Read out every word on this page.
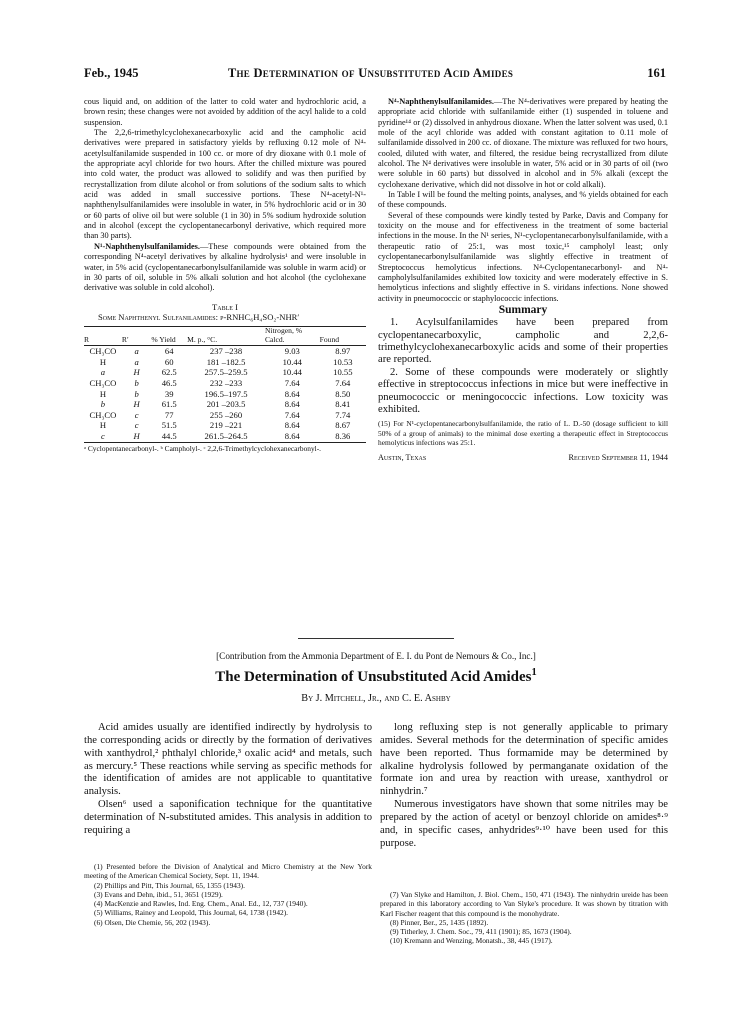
Feb., 1945	The Determination of Unsubstituted Acid Amides	161

cous liquid and, on addition of the latter to cold water and hydrochloric acid, a brown resin; these changes were not avoided by addition of the acyl halide to a cold suspension.

The 2,2,6-trimethylcyclohexanecarboxylic acid and the campholic acid derivatives were prepared in satisfactory yields by refluxing 0.12 mole of N⁴-acetylsulfanilamide suspended in 100 cc. or more of dry dioxane with 0.1 mole of the appropriate acyl chloride for two hours. After the chilled mixture was poured into cold water, the product was allowed to solidify and was then purified by recrystallization from dilute alcohol or from solutions of the sodium salts to which acid was added in small successive portions. These N⁴-acetyl-N¹-naphthenylsulfanilamides were insoluble in water, in 5% hydrochloric acid or in 30 or 60 parts of olive oil but were soluble (1 in 30) in 5% sodium hydroxide solution and in alcohol (except the cyclopentanecarbonyl derivative, which required more than 30 parts).

N¹-Naphthenylsulfanilamides.—These compounds were obtained from the corresponding N⁴-acetyl derivatives by alkaline hydrolysis¹ and were insoluble in water, in 5% acid (cyclopentanecarbonylsulfanilamide was soluble in warm acid) or in 30 parts of oil, soluble in 5% alkali solution and hot alcohol (the cyclohexane derivative was soluble in cold alcohol).

Table I
Some Naphthenyl Sulfanilamides: p-RNHC₆H₄SO₂-NHR′
R	R′	% Yield	M. p., °C.	Nitrogen, %
Calcd.	Found
CH₃CO	a	64	237 –238	9.03	8.97
H	a	60	181 –182.5	10.44	10.53
a	H	62.5	257.5–259.5	10.44	10.55
CH₃CO	b	46.5	232 –233	7.64	7.64
H	b	39	196.5–197.5	8.64	8.50
b	H	61.5	201 –203.5	8.64	8.41
CH₃CO	c	77	255 –260	7.64	7.74
H	c	51.5	219 –221	8.64	8.67
c	H	44.5	261.5–264.5	8.64	8.36
ᵃ Cyclopentanecarbonyl-. ᵇ Campholyl-. ᶜ 2,2,6-Trimethylcyclohexanecarbonyl-.

N⁴-Naphthenylsulfanilamides.—The N⁴-derivatives were prepared by heating the appropriate acid chloride with sulfanilamide either (1) suspended in toluene and pyridine¹⁴ or (2) dissolved in anhydrous dioxane. When the latter solvent was used, 0.1 mole of the acyl chloride was added with constant agitation to 0.11 mole of sulfanilamide dissolved in 200 cc. of dioxane. The mixture was refluxed for two hours, cooled, diluted with water, and filtered, the residue being recrystallized from dilute alcohol. The N⁴ derivatives were insoluble in water, 5% acid or in 30 parts of oil (two were soluble in 60 parts) but dissolved in alcohol and in 5% alkali (except the cyclohexane derivative, which did not dissolve in hot or cold alkali).

In Table I will be found the melting points, analyses, and % yields obtained for each of these compounds.

Several of these compounds were kindly tested by Parke, Davis and Company for toxicity on the mouse and for effectiveness in the treatment of some bacterial infections in the mouse. In the N¹ series, N¹-cyclopentanecarbonylsulfanilamide, with a therapeutic ratio of 25:1, was most toxic,¹⁵ campholyl least; only cyclopentanecarbonylsulfanilamide was slightly effective in treatment of Streptococcus hemolyticus infections. N⁴-Cyclopentanecarbonyl- and N⁴-campholylsulfanilamides exhibited low toxicity and were moderately effective in S. hemolyticus infections and slightly effective in S. viridans infections. None showed activity in pneumococcic or staphylococcic infections.

Summary

1. Acylsulfanilamides have been prepared from cyclopentanecarboxylic, campholic and 2,2,6-trimethylcyclohexanecarboxylic acids and some of their properties are reported.

2. Some of these compounds were moderately or slightly effective in streptococcus infections in mice but were ineffective in pneumococcic or meningococcic infections. Low toxicity was exhibited.

(15) For N¹-cyclopentanecarbonylsulfanilamide, the ratio of L. D.-50 (dosage sufficient to kill 50% of a group of animals) to the minimal dose exerting a therapeutic effect in Streptococcus hemolyticus infections was 25:1.
Austin, Texas	Received September 11, 1944
[Contribution from the Ammonia Department of E. I. du Pont de Nemours & Co., Inc.]
The Determination of Unsubstituted Acid Amides$^1$
By J. Mitchell, Jr., and C. E. Ashby

Acid amides usually are identified indirectly by hydrolysis to the corresponding acids or directly by the formation of derivatives with xanthydrol,² phthalyl chloride,³ oxalic acid⁴ and metals, such as mercury.⁵ These reactions while serving as specific methods for the identification of amides are not applicable to quantitative analysis.

Olsen⁶ used a saponification technique for the quantitative determination of N-substituted amides. This analysis in addition to requiring a

long refluxing step is not generally applicable to primary amides. Several methods for the determination of specific amides have been reported. Thus formamide may be determined by alkaline hydrolysis followed by permanganate oxidation of the formate ion and urea by reaction with urease, xanthydrol or ninhydrin.⁷

Numerous investigators have shown that some nitriles may be prepared by the action of acetyl or benzoyl chloride on amides⁸·⁹ and, in specific cases, anhydrides⁹·¹⁰ have been used for this purpose.

(1) Presented before the Division of Analytical and Micro Chemistry at the New York meeting of the American Chemical Society, Sept. 11, 1944.

(2) Phillips and Pitt, This Journal, 65, 1355 (1943).

(3) Evans and Dehn, ibid., 51, 3651 (1929).

(4) MacKenzie and Rawles, Ind. Eng. Chem., Anal. Ed., 12, 737 (1940).

(5) Williams, Rainey and Leopold, This Journal, 64, 1738 (1942).

(6) Olsen, Die Chemie, 56, 202 (1943).

(7) Van Slyke and Hamilton, J. Biol. Chem., 150, 471 (1943). The ninhydrin ureide has been prepared in this laboratory according to Van Slyke's procedure. It was shown by titration with Karl Fischer reagent that this compound is the monohydrate.

(8) Pinner, Ber., 25, 1435 (1892).

(9) Titherley, J. Chem. Soc., 79, 411 (1901); 85, 1673 (1904).

(10) Kremann and Wenzing, Monatsh., 38, 445 (1917).
